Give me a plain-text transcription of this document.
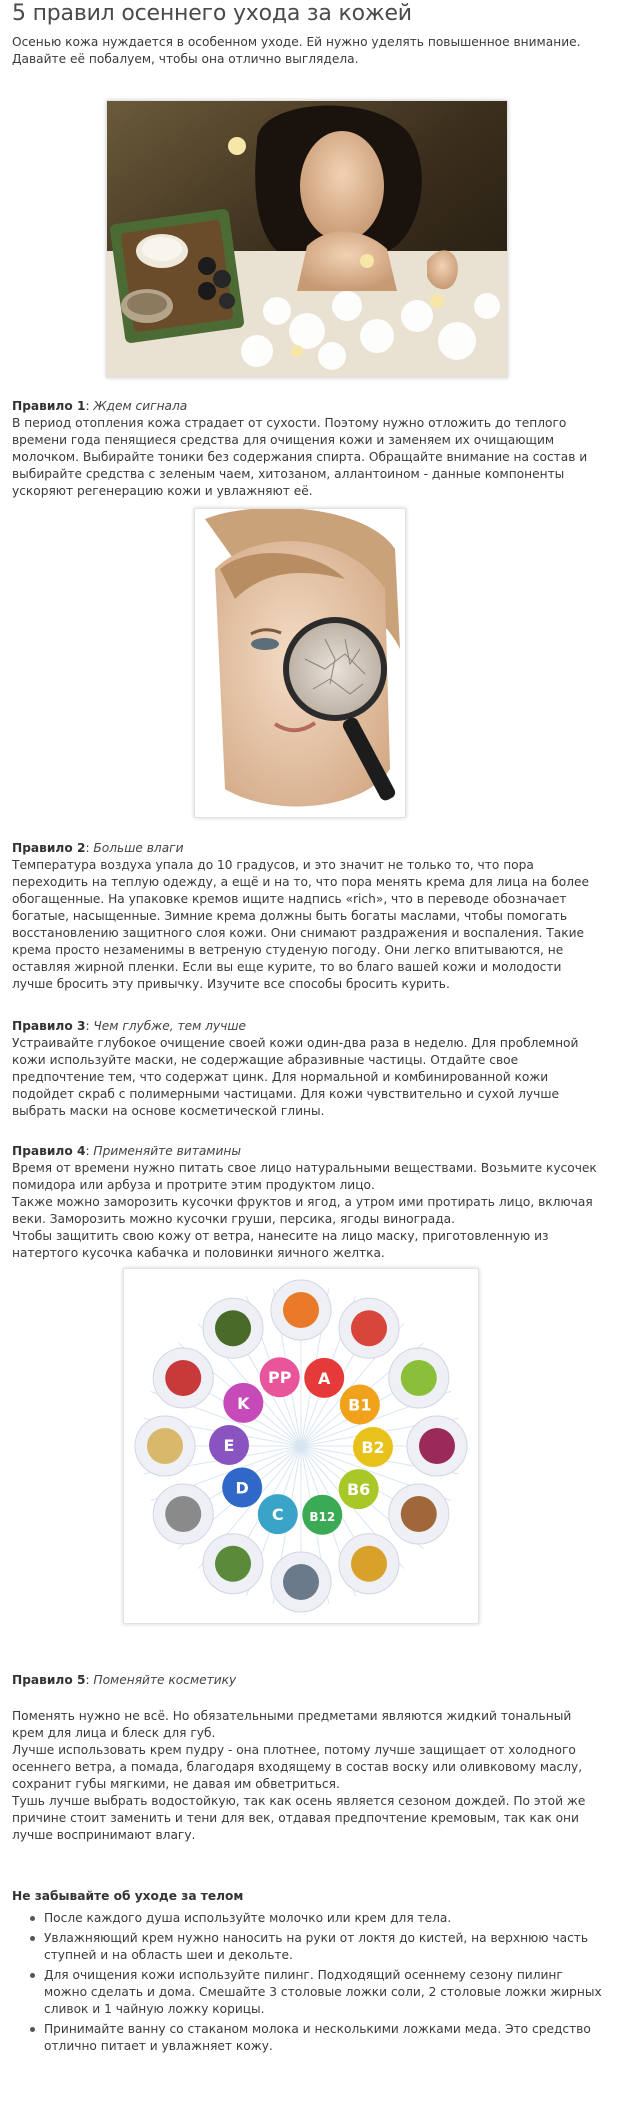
5 правил осеннего ухода за кожей

Осенью кожа нуждается в особенном уходе. Ей нужно уделять повышенное внимание. Давайте её побалуем, чтобы она отлично выглядела.

Правило 1: Ждем сигнала

В период отопления кожа страдает от сухости. Поэтому нужно отложить до теплого времени года пенящиеся средства для очищения кожи и заменяем их очищающим молочком. Выбирайте тоники без содержания спирта. Обращайте внимание на состав и выбирайте средства с зеленым чаем, хитозаном, аллантоином - данные компоненты ускоряют регенерацию кожи и увлажняют её.

Правило 2: Больше влаги

Температура воздуха упала до 10 градусов, и это значит не только то, что пора переходить на теплую одежду, а ещё и на то, что пора менять крема для лица на более обогащенные. На упаковке кремов ищите надпись «rich», что в переводе обозначает богатые, насыщенные. Зимние крема должны быть богаты маслами, чтобы помогать восстановлению защитного слоя кожи. Они снимают раздражения и воспаления. Такие крема просто незаменимы в ветреную студеную погоду. Они легко впитываются, не оставляя жирной пленки. Если вы еще курите, то во благо вашей кожи и молодости лучше бросить эту привычку. Изучите все способы бросить курить.

Правило 3: Чем глубже, тем лучше

Устраивайте глубокое очищение своей кожи один-два раза в неделю. Для проблемной кожи используйте маски, не содержащие абразивные частицы. Отдайте свое предпочтение тем, что содержат цинк. Для нормальной и комбинированной кожи подойдет скраб с полимерными частицами. Для кожи чувствительно и сухой лучше выбрать маски на основе косметической глины.

Правило 4: Применяйте витамины

Время от времени нужно питать свое лицо натуральными веществами. Возьмите кусочек помидора или арбуза и протрите этим продуктом лицо.

Также можно заморозить кусочки фруктов и ягод, а утром ими протирать лицо, включая веки. Заморозить можно кусочки груши, персика, ягоды винограда.

Чтобы защитить свою кожу от ветра, нанесите на лицо маску, приготовленную из натертого кусочка кабачка и половинки яичного желтка.

PP A
B1
B2
B6
B12
C
D
E
K

Правило 5: Поменяйте косметику

Поменять нужно не всё. Но обязательными предметами являются жидкий тональный крем для лица и блеск для губ.

Лучше использовать крем пудру - она плотнее, потому лучше защищает от холодного осеннего ветра, а помада, благодаря входящему в состав воску или оливковому маслу, сохранит губы мягкими, не давая им обветриться.

Тушь лучше выбрать водостойкую, так как осень является сезоном дождей. По этой же причине стоит заменить и тени для век, отдавая предпочтение кремовым, так как они лучше воспринимают влагу.

Не забывайте об уходе за телом

После каждого душа используйте молочко или крем для тела.
Увлажняющий крем нужно наносить на руки от локтя до кистей, на верхнюю часть ступней и на область шеи и декольте.
Для очищения кожи используйте пилинг. Подходящий осеннему сезону пилинг можно сделать и дома. Смешайте 3 столовые ложки соли, 2 столовые ложки жирных сливок и 1 чайную ложку корицы.
Принимайте ванну со стаканом молока и несколькими ложками меда. Это средство отлично питает и увлажняет кожу.
